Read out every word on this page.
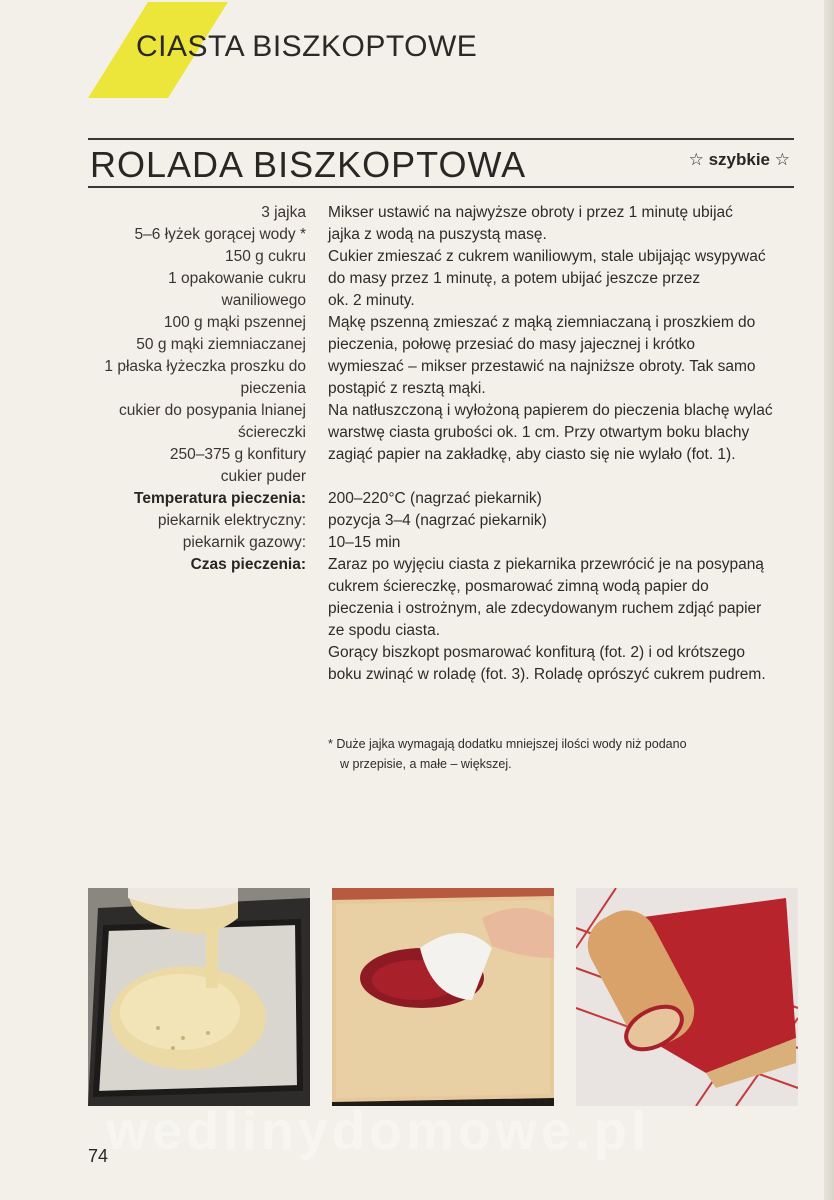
CIASTA BISZKOPTOWE
ROLADA BISZKOPTOWA	☆ szybkie ☆
3 jajka
5–6 łyżek gorącej wody *
150 g cukru
1 opakowanie cukru
waniliowego
100 g mąki pszennej
50 g mąki ziemniaczanej
1 płaska łyżeczka proszku do
pieczenia
cukier do posypania lnianej
ściereczki
250–375 g konfitury
cukier puder
Temperatura pieczenia:
piekarnik elektryczny:
piekarnik gazowy:
Czas pieczenia:
Mikser ustawić na najwyższe obroty i przez 1 minutę ubijać
jajka z wodą na puszystą masę.
Cukier zmieszać z cukrem waniliowym, stale ubijając wsypywać
do masy przez 1 minutę, a potem ubijać jeszcze przez
ok. 2 minuty.
Mąkę pszenną zmieszać z mąką ziemniaczaną i proszkiem do
pieczenia, połowę przesiać do masy jajecznej i krótko
wymieszać – mikser przestawić na najniższe obroty. Tak samo
postąpić z resztą mąki.
Na natłuszczoną i wyłożoną papierem do pieczenia blachę wylać
warstwę ciasta grubości ok. 1 cm. Przy otwartym boku blachy
zagiąć papier na zakładkę, aby ciasto się nie wylało (fot. 1).

200–220°C (nagrzać piekarnik)
pozycja 3–4 (nagrzać piekarnik)
10–15 min
Zaraz po wyjęciu ciasta z piekarnika przewrócić je na posypaną
cukrem ściereczkę, posmarować zimną wodą papier do
pieczenia i ostrożnym, ale zdecydowanym ruchem zdjąć papier
ze spodu ciasta.
Gorący biszkopt posmarować konfiturą (fot. 2) i od krótszego
boku zwinąć w roladę (fot. 3). Roladę oprószyć cukrem pudrem.
* Duże jajka wymagają dodatku mniejszej ilości wody niż podano
w przepisie, a małe – większej.
wedlinydomowe.pl
74
